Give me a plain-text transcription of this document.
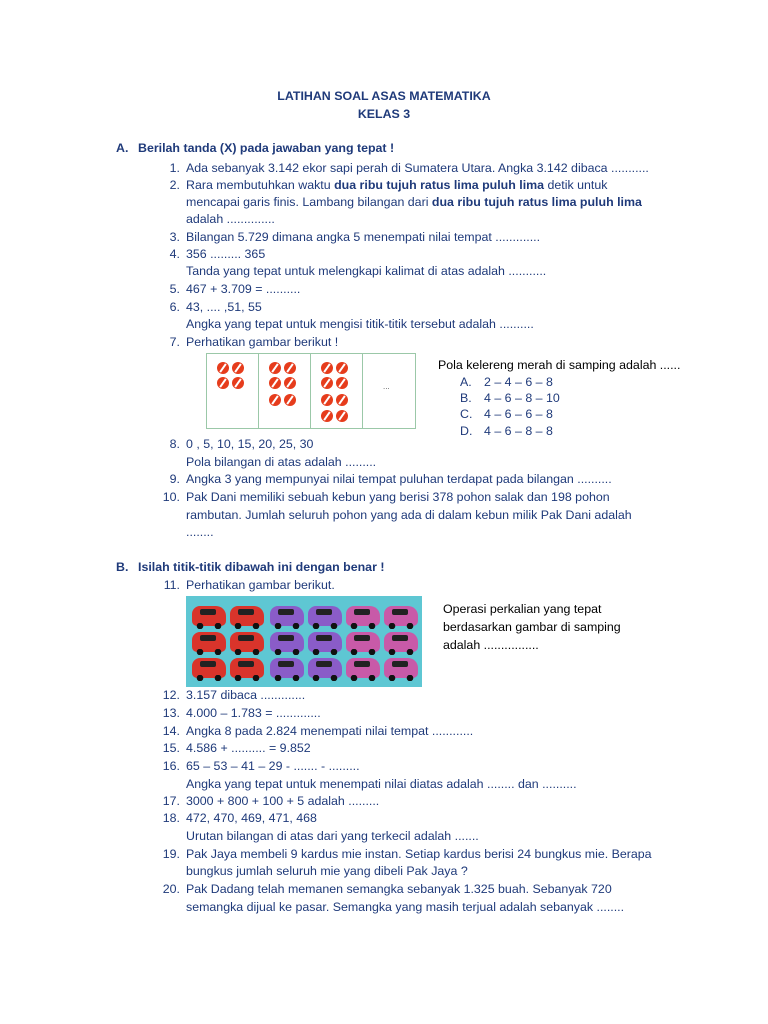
LATIHAN SOAL ASAS MATEMATIKA
KELAS 3
A. Berilah tanda (X) pada jawaban yang tepat !
1. Ada sebanyak 3.142 ekor sapi perah di Sumatera Utara. Angka 3.142 dibaca ...........
2. Rara membutuhkan waktu dua ribu tujuh ratus lima puluh lima detik untuk
mencapai garis finis. Lambang bilangan dari dua ribu tujuh ratus lima puluh lima
adalah ..............
3. Bilangan 5.729 dimana angka 5 menempati nilai tempat .............
4. 356 ......... 365
Tanda yang tepat untuk melengkapi kalimat di atas adalah ...........
5. 467 + 3.709 = ..........
6. 43, .... ,51, 55
Angka yang tepat untuk mengisi titik-titik tersebut adalah ..........
7. Perhatikan gambar berikut !
...
Pola kelereng merah di samping adalah ......
A. 2 – 4 – 6 – 8
B. 4 – 6 – 8 – 10
C. 4 – 6 – 6 – 8
D. 4 – 6 – 8 – 8
8. 0 , 5, 10, 15, 20, 25, 30
Pola bilangan di atas adalah .........
9. Angka 3 yang mempunyai nilai tempat puluhan terdapat pada bilangan ..........
10. Pak Dani memiliki sebuah kebun yang berisi 378 pohon salak dan 198 pohon
rambutan. Jumlah seluruh pohon yang ada di dalam kebun milik Pak Dani adalah
........
B. Isilah titik-titik dibawah ini dengan benar !
11. Perhatikan gambar berikut.
Operasi perkalian yang tepat
berdasarkan gambar di samping
adalah ................
12. 3.157 dibaca .............
13. 4.000 – 1.783 = .............
14. Angka 8 pada 2.824 menempati nilai tempat ............
15. 4.586 + .......... = 9.852
16. 65 – 53 – 41 – 29 - ....... - .........
Angka yang tepat untuk menempati nilai diatas adalah ........ dan ..........
17. 3000 + 800 + 100 + 5 adalah .........
18. 472, 470, 469, 471, 468
Urutan bilangan di atas dari yang terkecil adalah .......
19. Pak Jaya membeli 9 kardus mie instan. Setiap kardus berisi 24 bungkus mie. Berapa
bungkus jumlah seluruh mie yang dibeli Pak Jaya ?
20. Pak Dadang telah memanen semangka sebanyak 1.325 buah. Sebanyak 720
semangka dijual ke pasar. Semangka yang masih terjual adalah sebanyak ........
